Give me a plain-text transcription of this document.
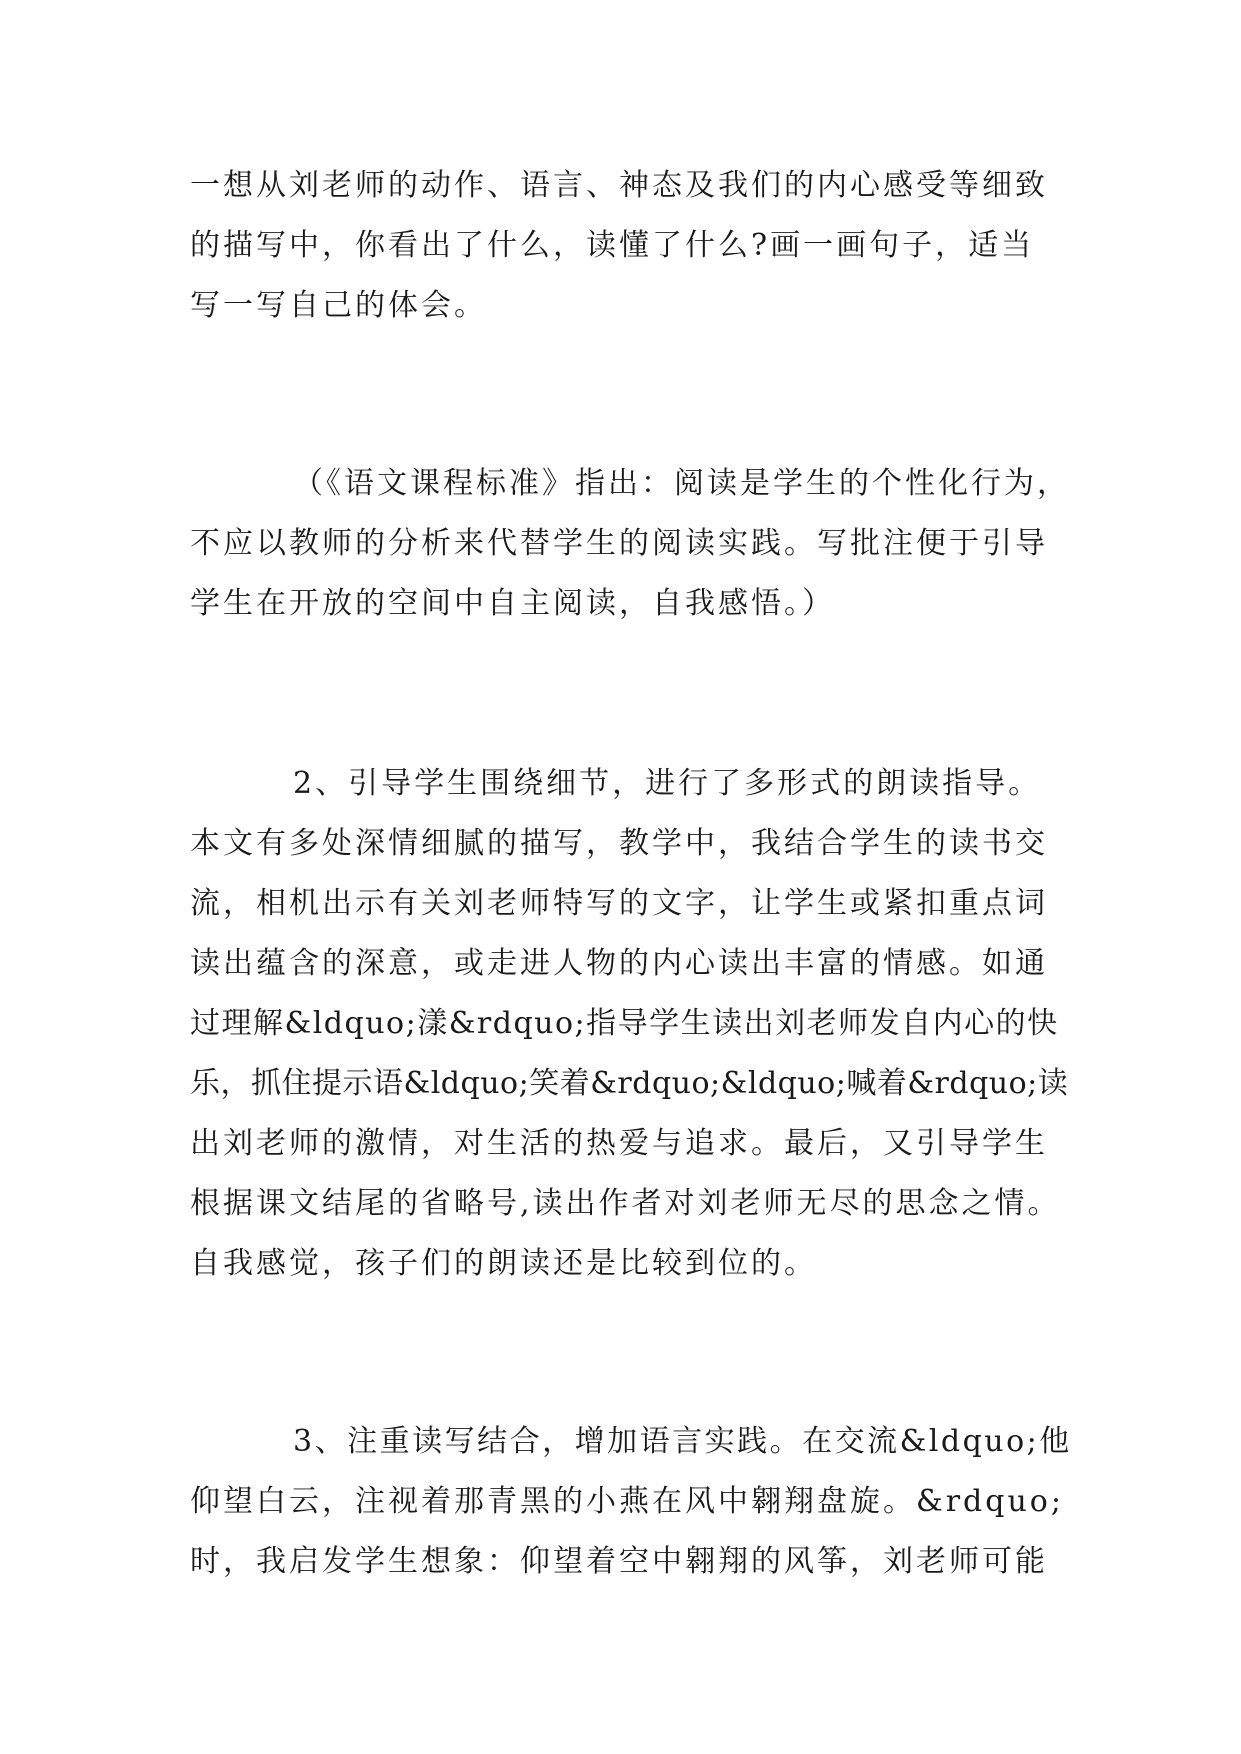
一想从刘老师的动作、语言、神态及我们的内心感受等细致
的描写中，你看出了什么，读懂了什么?画一画句子，适当
写一写自己的体会。
（《语文课程标准》指出：阅读是学生的个性化行为，
不应以教师的分析来代替学生的阅读实践。写批注便于引导
学生在开放的空间中自主阅读，自我感悟。）
2、引导学生围绕细节，进行了多形式的朗读指导。
本文有多处深情细腻的描写，教学中，我结合学生的读书交
流，相机出示有关刘老师特写的文字，让学生或紧扣重点词
读出蕴含的深意，或走进人物的内心读出丰富的情感。如通
过理解&ldquo;漾&rdquo;指导学生读出刘老师发自内心的快
乐，抓住提示语&ldquo;笑着&rdquo;&ldquo;喊着&rdquo;读
出刘老师的激情，对生活的热爱与追求。最后，又引导学生
根据课文结尾的省略号,读出作者对刘老师无尽的思念之情。
自我感觉，孩子们的朗读还是比较到位的。
3、注重读写结合，增加语言实践。在交流&ldquo;他
仰望白云，注视着那青黑的小燕在风中翱翔盘旋。&rdquo;
时，我启发学生想象：仰望着空中翱翔的风筝，刘老师可能
